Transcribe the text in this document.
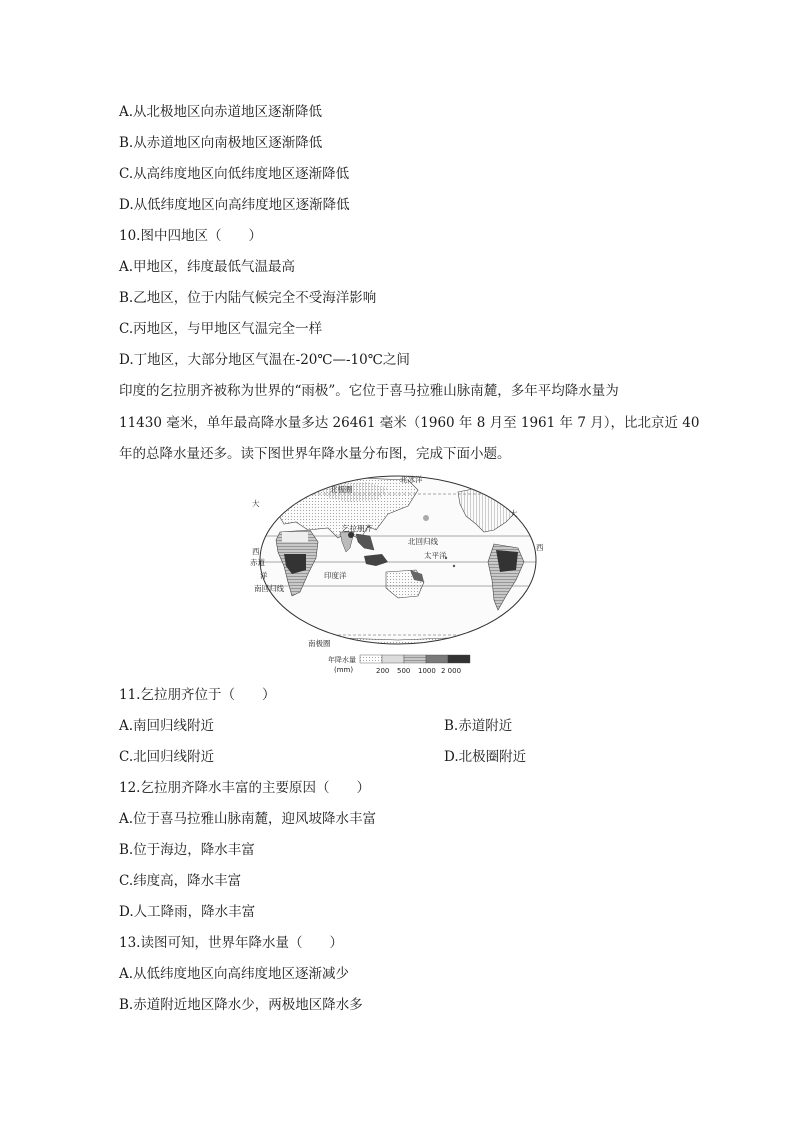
A.从北极地区向赤道地区逐渐降低
B.从赤道地区向南极地区逐渐降低
C.从高纬度地区向低纬度地区逐渐降低
D.从低纬度地区向高纬度地区逐渐降低
10.图中四地区（　　）
A.甲地区，纬度最低气温最高
B.乙地区，位于内陆气候完全不受海洋影响
C.丙地区，与甲地区气温完全一样
D.丁地区，大部分地区气温在-20℃—-10℃之间
印度的乞拉朋齐被称为世界的“雨极”。它位于喜马拉雅山脉南麓，多年平均降水量为
11430 毫米，单年最高降水量多达 26461 毫米（1960 年 8 月至 1961 年 7 月），比北京近 40
年的总降水量还多。读下图世界年降水量分布图，完成下面小题。
北极圈
北冰洋
乞拉朋齐
北回归线
太平洋
印度洋
赤道
南回归线
南极圈
大
西
洋
大
西
年降水量
(mm)	200 500 1000 2 000
11.乞拉朋齐位于（　　）
A.南回归线附近	B.赤道附近
C.北回归线附近	D.北极圈附近
12.乞拉朋齐降水丰富的主要原因（　　）
A.位于喜马拉雅山脉南麓，迎风坡降水丰富
B.位于海边，降水丰富
C.纬度高，降水丰富
D.人工降雨，降水丰富
13.读图可知，世界年降水量（　　）
A.从低纬度地区向高纬度地区逐渐减少
B.赤道附近地区降水少，两极地区降水多
